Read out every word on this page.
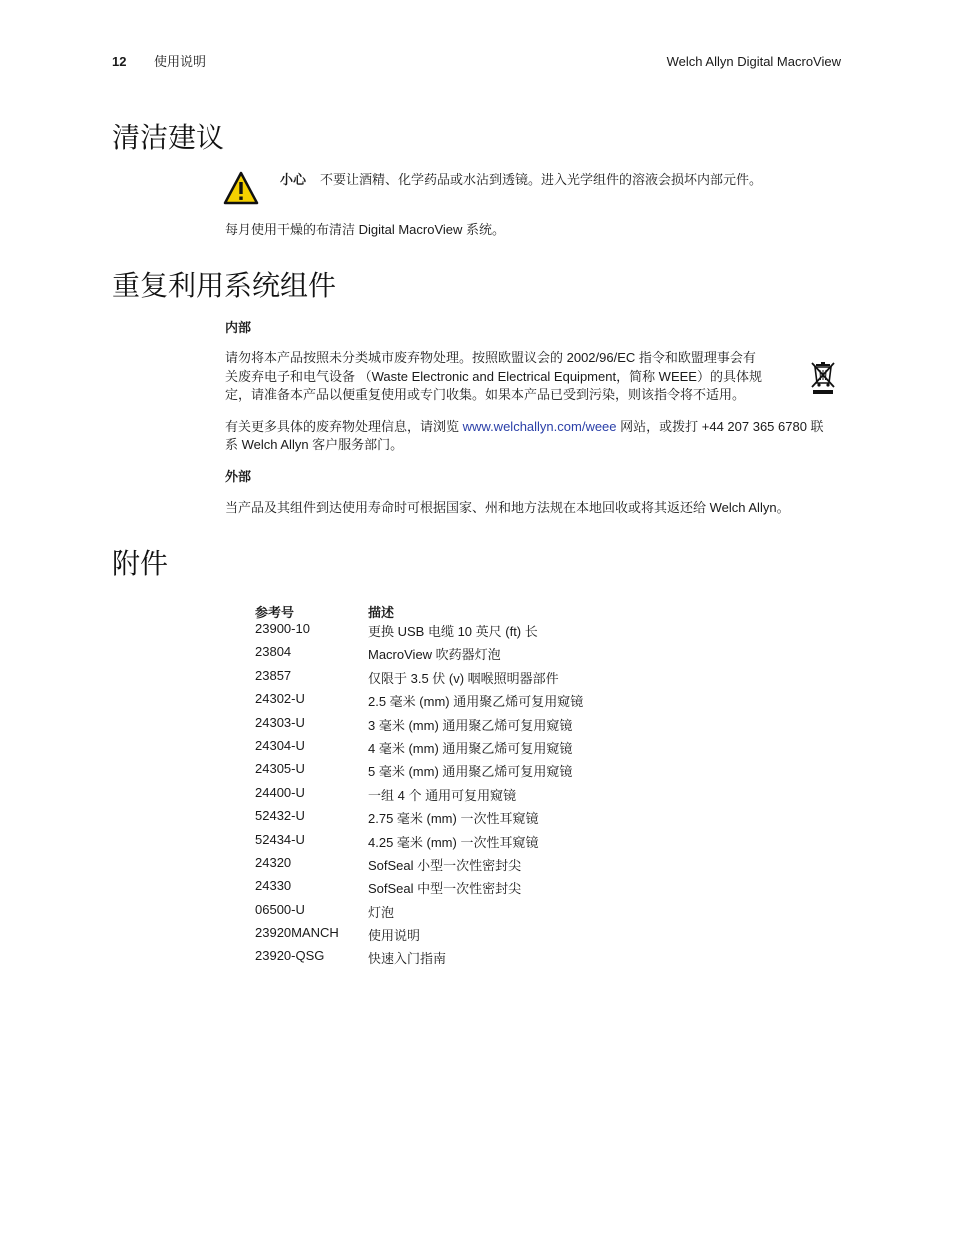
12 使用说明	Welch Allyn Digital MacroView
清洁建议

小心 不要让酒精、化学药品或水沾到透镜。进入光学组件的溶液会损坏内部元件。

每月使用干燥的布清洁 Digital MacroView 系统。

重复利用系统组件

内部

请勿将本产品按照未分类城市废弃物处理。按照欧盟议会的 2002/96/EC 指令和欧盟理事会有

关废弃电子和电气设备 （Waste Electronic and Electrical Equipment，简称 WEEE）的具体规

定，请准备本产品以便重复使用或专门收集。如果本产品已受到污染，则该指令将不适用。

有关更多具体的废弃物处理信息，请浏览 www.welchallyn.com/weee 网站，或拨打 +44 207 365 6780 联

系 Welch Allyn 客户服务部门。

外部

当产品及其组件到达使用寿命时可根据国家、州和地方法规在本地回收或将其返还给 Welch Allyn。

附件
参考号	描述
23900-10	更换 USB 电缆 10 英尺 (ft) 长
23804	MacroView 吹药器灯泡
23857	仅限于 3.5 伏 (v) 咽喉照明器部件
24302-U	2.5 毫米 (mm) 通用聚乙烯可复用窥镜
24303-U	3 毫米 (mm) 通用聚乙烯可复用窥镜
24304-U	4 毫米 (mm) 通用聚乙烯可复用窥镜
24305-U	5 毫米 (mm) 通用聚乙烯可复用窥镜
24400-U	一组 4 个 通用可复用窥镜
52432-U	2.75 毫米 (mm) 一次性耳窥镜
52434-U	4.25 毫米 (mm) 一次性耳窥镜
24320	SofSeal 小型一次性密封尖
24330	SofSeal 中型一次性密封尖
06500-U	灯泡
23920MANCH	使用说明
23920-QSG	快速入门指南
